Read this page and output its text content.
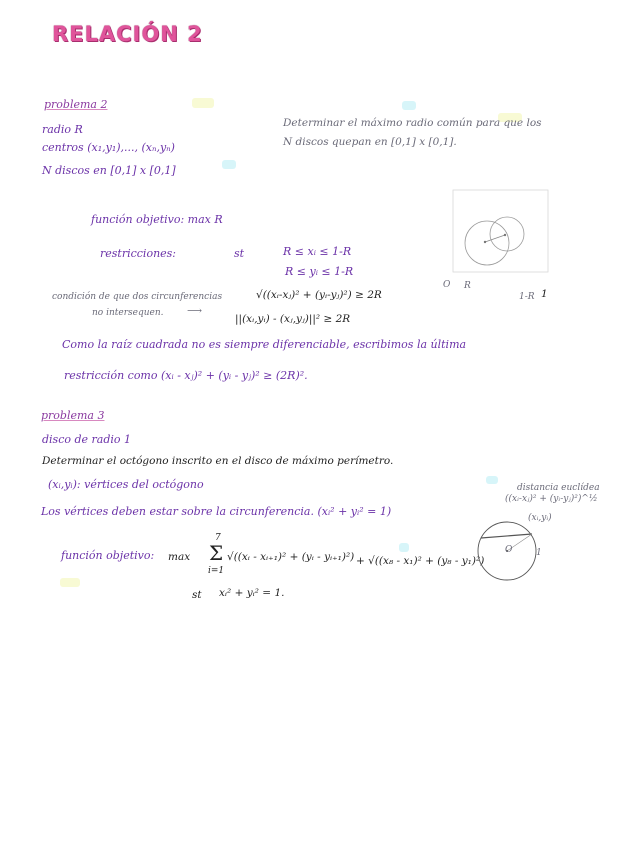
RELACIÓN 2
problema 2
radio R
centros (x₁,y₁),..., (xₙ,yₙ)
N discos en [0,1] x [0,1]
Determinar el máximo radio común para que los
N discos quepan en [0,1] x [0,1].
función objetivo: max R
restricciones:	st	R ≤ xᵢ ≤ 1-R
R ≤ yᵢ ≤ 1-R
condición de que dos circunferencias
no intersequen.
√((xᵢ-xⱼ)² + (yᵢ-yⱼ)²) ≥ 2R
⟶
||(xᵢ,yᵢ) - (xⱼ,yⱼ)||² ≥ 2R
Como la raíz cuadrada no es siempre diferenciable, escribimos la última
restricción como (xᵢ - xⱼ)² + (yᵢ - yⱼ)² ≥ (2R)².
O R
1-R 1
problema 3
disco de radio 1
Determinar el octógono inscrito en el disco de máximo perímetro.
(xᵢ,yᵢ): vértices del octógono
Los vértices deben estar sobre la circunferencia. (xᵢ² + yᵢ² = 1)
función objetivo: max
7
Σ
i=1
√((xᵢ - xᵢ₊₁)² + (yᵢ - yᵢ₊₁)²) + √((x₈ - x₁)² + (y₈ - y₁)²)
st xᵢ² + yᵢ² = 1.
distancia euclídea
((xᵢ-xⱼ)² + (yᵢ-yⱼ)²)^½
(xᵢ,yᵢ)
O	1
